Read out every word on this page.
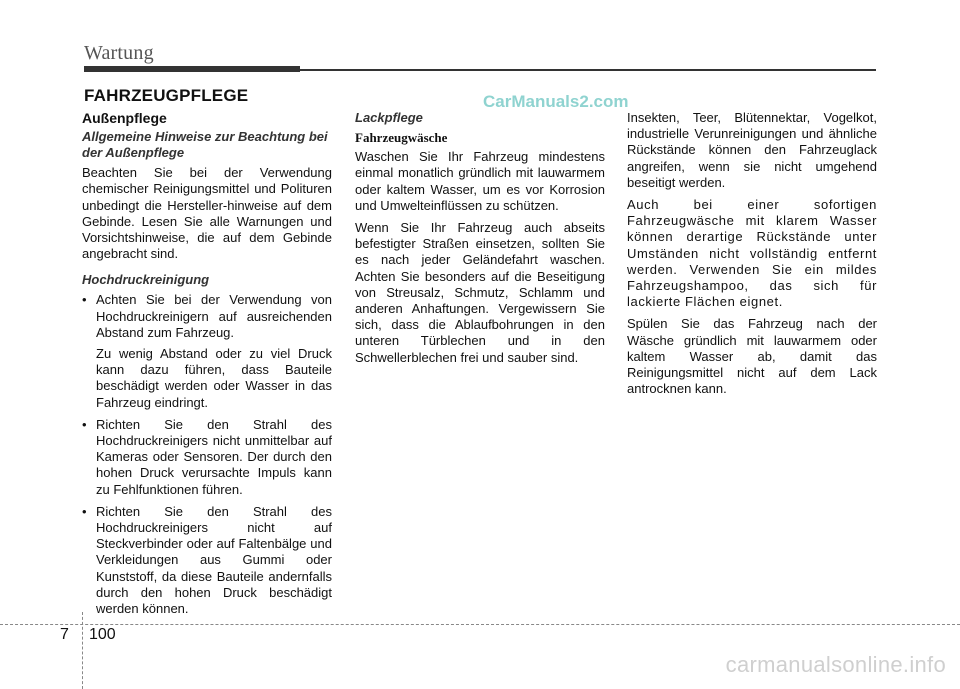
Wartung
FAHRZEUGPFLEGE	CarManuals2.com
Außenpflege
Allgemeine Hinweise zur Beachtung bei der Außenpflege

Beachten Sie bei der Verwendung chemischer Reinigungsmittel und Polituren unbedingt die Hersteller-hinweise auf dem Gebinde. Lesen Sie alle Warnungen und Vorsichtshinweise, die auf dem Gebinde angebracht sind.

Hochdruckreinigung
• Achten Sie bei der Verwendung von Hochdruckreinigern auf ausreichenden Abstand zum Fahrzeug.

Zu wenig Abstand oder zu viel Druck kann dazu führen, dass Bauteile beschädigt werden oder Wasser in das Fahrzeug eindringt.

• Richten Sie den Strahl des Hochdruckreinigers nicht unmittelbar auf Kameras oder Sensoren. Der durch den hohen Druck verursachte Impuls kann zu Fehlfunktionen führen.

• Richten Sie den Strahl des Hochdruckreinigers nicht auf Steckverbinder oder auf Faltenbälge und Verkleidungen aus Gummi oder Kunststoff, da diese Bauteile andernfalls durch den hohen Druck beschädigt werden können.

Lackpflege
Fahrzeugwäsche

Waschen Sie Ihr Fahrzeug mindestens einmal monatlich gründlich mit lauwarmem oder kaltem Wasser, um es vor Korrosion und Umwelteinflüssen zu schützen.

Wenn Sie Ihr Fahrzeug auch abseits befestigter Straßen einsetzen, sollten Sie es nach jeder Geländefahrt waschen. Achten Sie besonders auf die Beseitigung von Streusalz, Schmutz, Schlamm und anderen Anhaftungen. Vergewissern Sie sich, dass die Ablaufbohrungen in den unteren Türblechen und in den Schwellerblechen frei und sauber sind.

Insekten, Teer, Blütennektar, Vogelkot, industrielle Verunreinigungen und ähnliche Rückstände können den Fahrzeuglack angreifen, wenn sie nicht umgehend beseitigt werden.

Auch bei einer sofortigen Fahrzeugwäsche mit klarem Wasser können derartige Rückstände unter Umständen nicht vollständig entfernt werden. Verwenden Sie ein mildes Fahrzeugshampoo, das sich für lackierte Flächen eignet.

Spülen Sie das Fahrzeug nach der Wäsche gründlich mit lauwarmem oder kaltem Wasser ab, damit das Reinigungsmittel nicht auf dem Lack antrocknen kann.

7 100
carmanualsonline.info
